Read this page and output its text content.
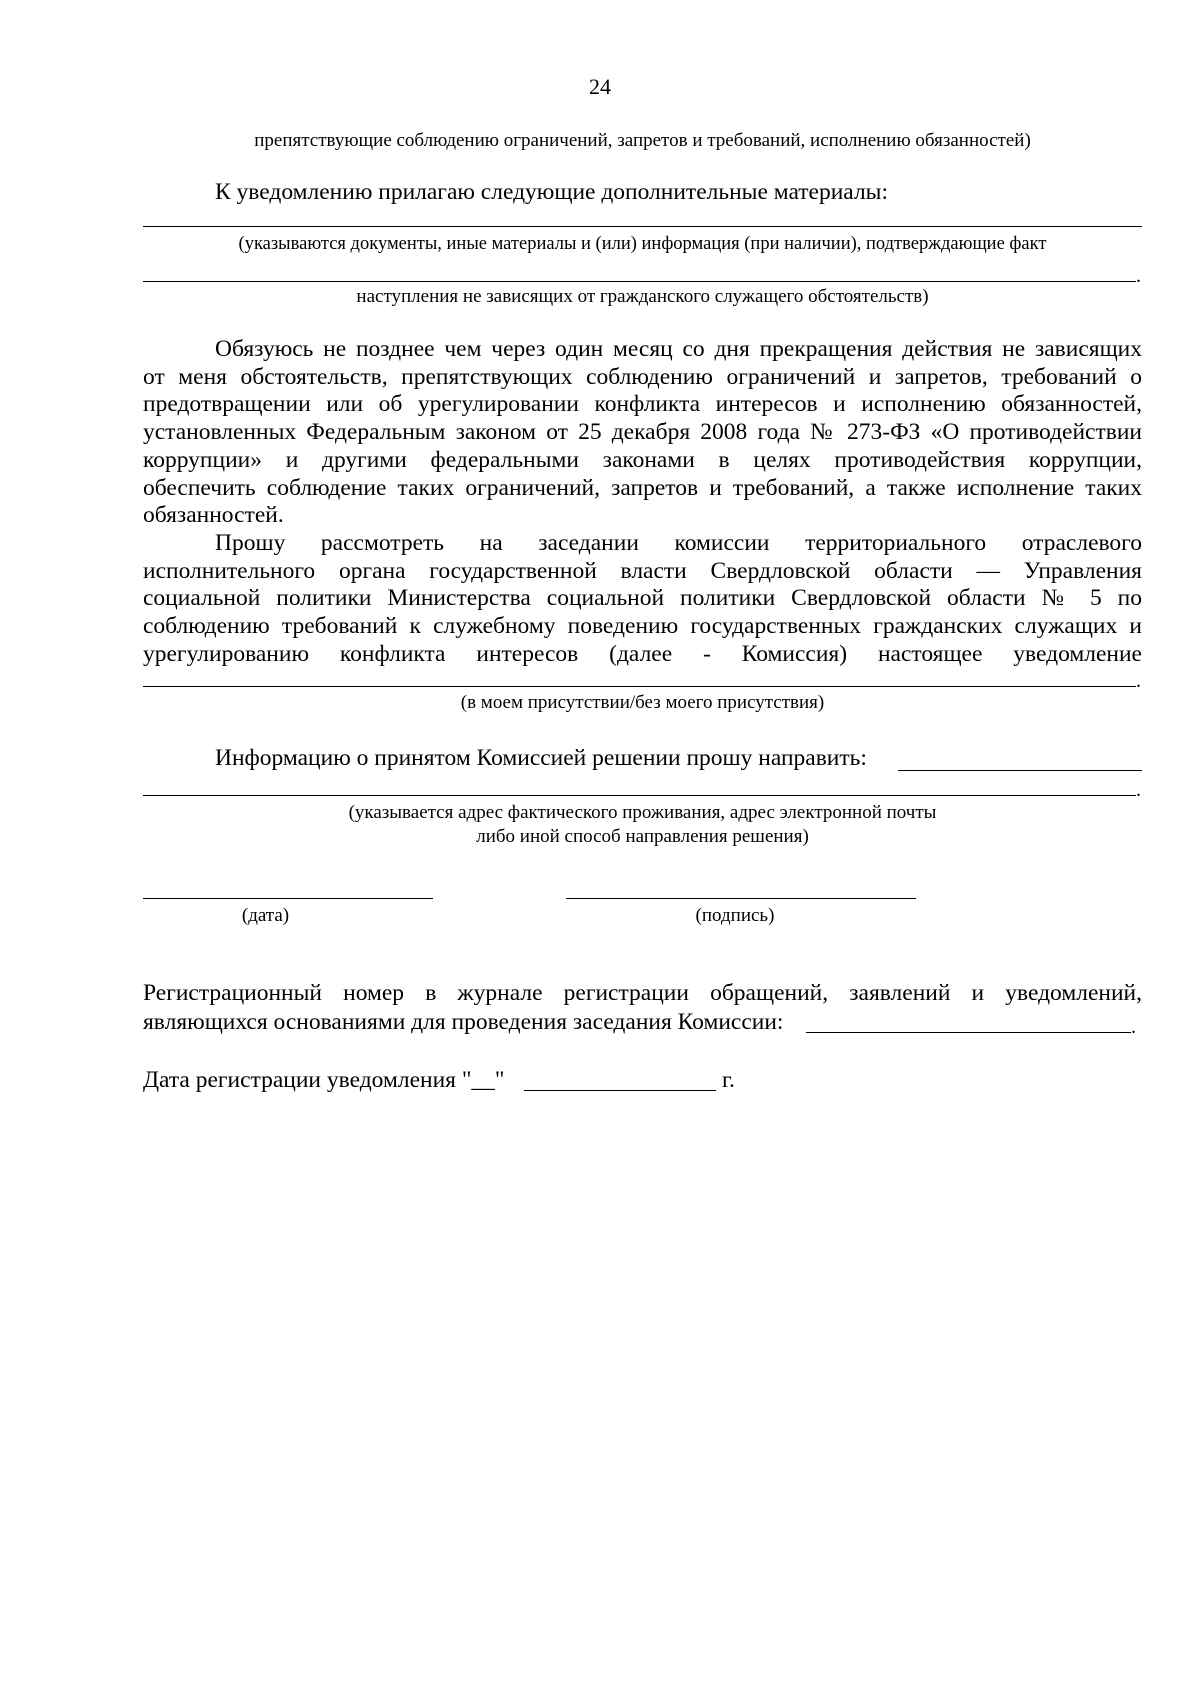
24
препятствующие соблюдению ограничений, запретов и требований, исполнению обязанностей)
К уведомлению прилагаю следующие дополнительные материалы:
(указываются документы, иные материалы и (или) информация (при наличии), подтверждающие факт
.
наступления не зависящих от гражданского служащего обстоятельств)
Обязуюсь не позднее чем через один месяц со дня прекращения действия не зависящих
от меня обстоятельств, препятствующих соблюдению ограничений и запретов, требований о
предотвращении или об урегулировании конфликта интересов и исполнению обязанностей,
установленных Федеральным законом от 25 декабря 2008 года № 273-ФЗ «О противодействии
коррупции» и другими федеральными законами в целях противодействия коррупции,
обеспечить соблюдение таких ограничений, запретов и требований, а также исполнение таких
обязанностей.
Прошу рассмотреть на заседании комиссии территориального отраслевого
исполнительного органа государственной власти Свердловской области — Управления
социальной политики Министерства социальной политики Свердловской области № 5 по
соблюдению требований к служебному поведению государственных гражданских служащих и
урегулированию конфликта интересов (далее - Комиссия) настоящее уведомление
.
(в моем присутствии/без моего присутствия)
Информацию о принятом Комиссией решении прошу направить:
.
(указывается адрес фактического проживания, адрес электронной почты
либо иной способ направления решения)
(дата)	(подпись)
Регистрационный номер в журнале регистрации обращений, заявлений и уведомлений,
являющихся основаниями для проведения заседания Комиссии:	.
Дата регистрации уведомления "__"	г.
